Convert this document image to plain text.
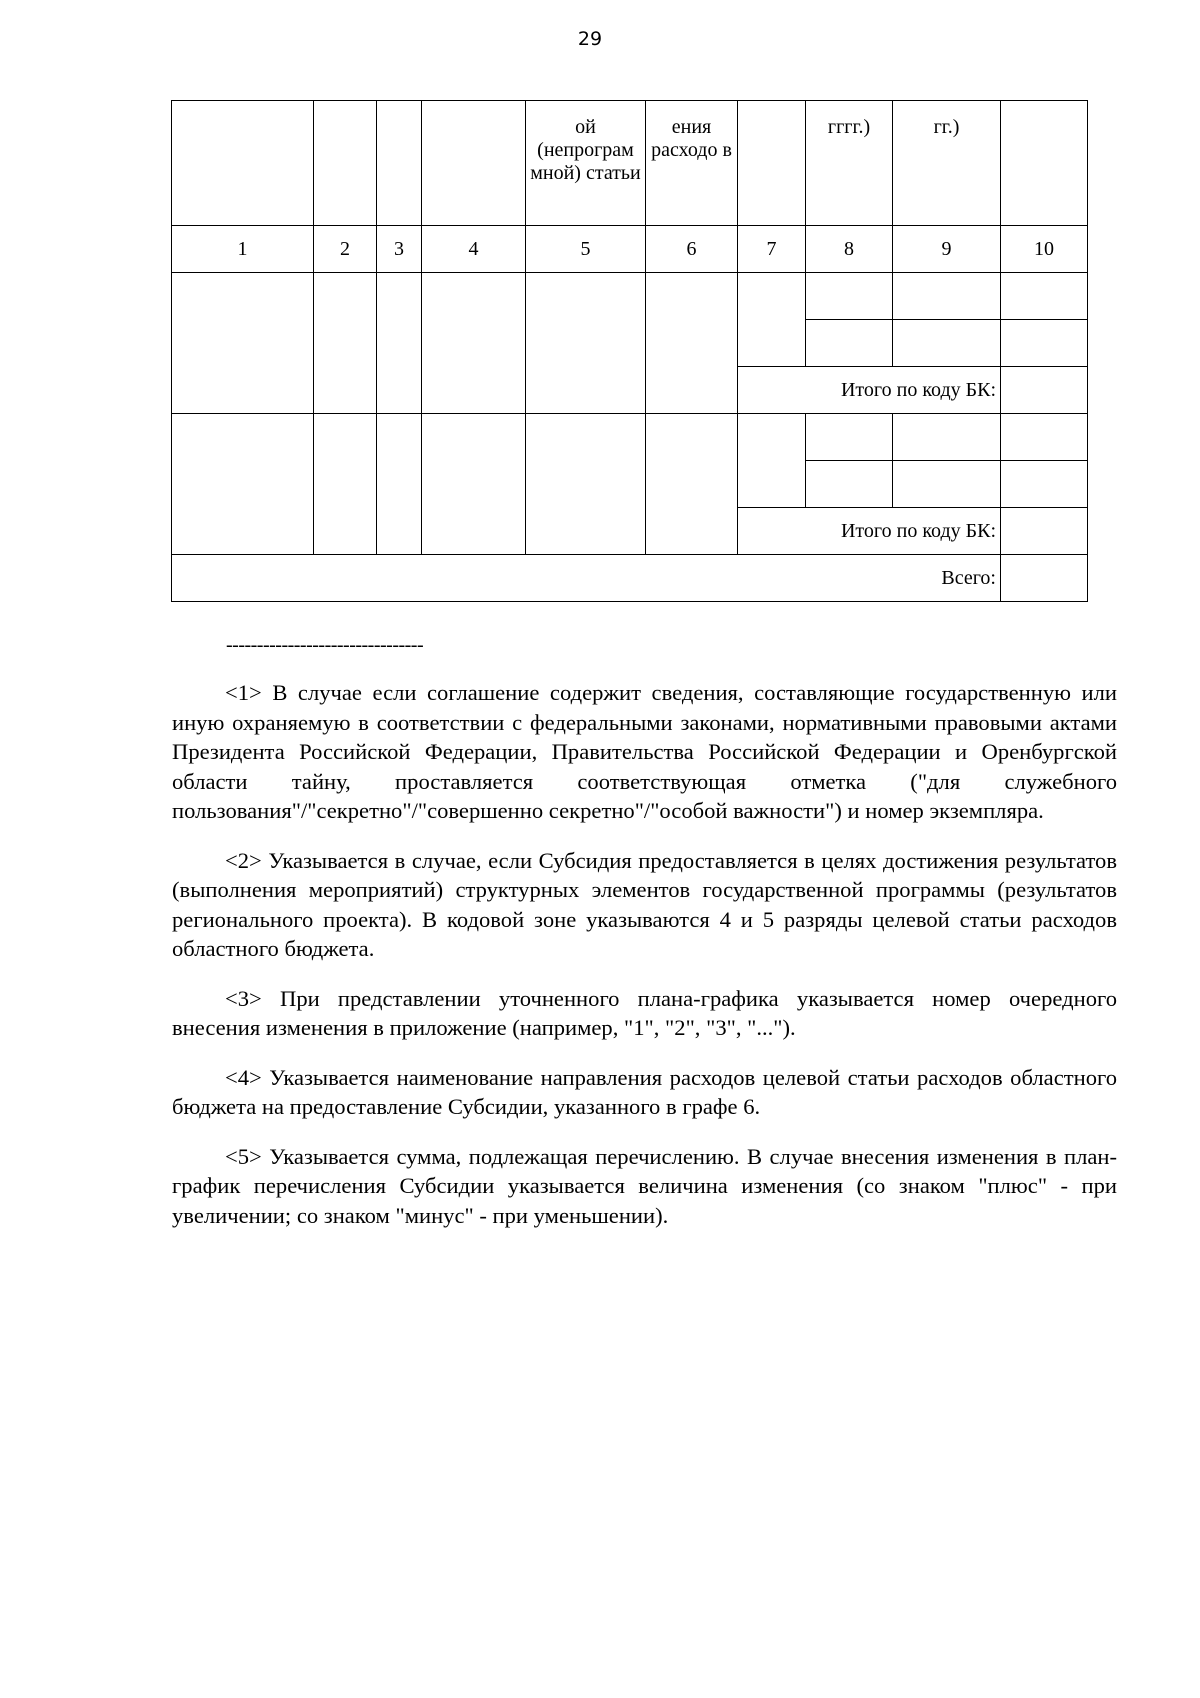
29
				ой (непрограм мной) статьи	ения расходо в		гггг.)	гг.)	
1	2	3	4	5	6	7	8	9	10

						Итого по коду БК:			

						Итого по коду БК:			
Всего:									
--------------------------------

<1> В случае если соглашение содержит сведения, составляющие государственную или иную охраняемую в соответствии с федеральными законами, нормативными правовыми актами Президента Российской Федерации, Правительства Российской Федерации и Оренбургской области тайну, проставляется соответствующая отметка ("для служебного пользования"/"секретно"/"совершенно секретно"/"особой важности") и номер экземпляра.

<2> Указывается в случае, если Субсидия предоставляется в целях достижения результатов (выполнения мероприятий) структурных элементов государственной программы (результатов регионального проекта). В кодовой зоне указываются 4 и 5 разряды целевой статьи расходов областного бюджета.

<3> При представлении уточненного плана-графика указывается номер очередного внесения изменения в приложение (например, "1", "2", "3", "...").

<4> Указывается наименование направления расходов целевой статьи расходов областного бюджета на предоставление Субсидии, указанного в графе 6.

<5> Указывается сумма, подлежащая перечислению. В случае внесения изменения в план-график перечисления Субсидии указывается величина изменения (со знаком "плюс" - при увеличении; со знаком "минус" - при уменьшении).
